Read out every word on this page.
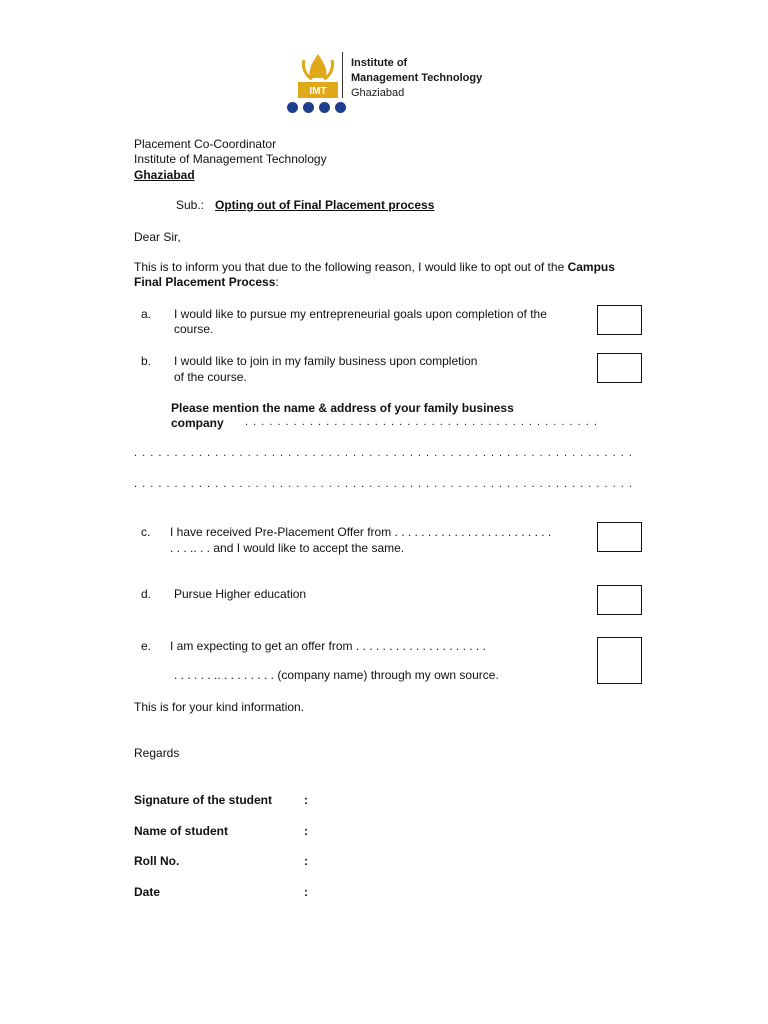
IMT
Institute of
Management Technology
Ghaziabad
Placement Co-Coordinator
Institute of Management Technology
Ghaziabad
Sub.: Opting out of Final Placement process
Dear Sir,
This is to inform you that due to the following reason, I would like to opt out of the Campus
Final Placement Process:
a. I would like to pursue my entrepreneurial goals upon completion of the
course.
b. I would like to join in my family business upon completion
of the course.
Please mention the name & address of your family business
company . . . . . . . . . . . . . . . . . . . . . . . . . . . . . . . . . . . . . . . . . . . .
. . . . . . . . . . . . . . . . . . . . . . . . . . . . . . . . . . . . . . . . . . . . . . . . . . . . . . . . . . . . . .
. . . . . . . . . . . . . . . . . . . . . . . . . . . . . . . . . . . . . . . . . . . . . . . . . . . . . . . . . . . . . .
c. I have received Pre-Placement Offer from . . . . . . . . . . . . . . . . . . . . . . . .
. . . .. . . and I would like to accept the same.
d. Pursue Higher education
e. I am expecting to get an offer from . . . . . . . . . . . . . . . . . . . .
. . . . . . .. . . . . . . . . (company name) through my own source.
This is for your kind information.
Regards
Signature of the student	:
Name of student	:
Roll No.	:
Date	:
